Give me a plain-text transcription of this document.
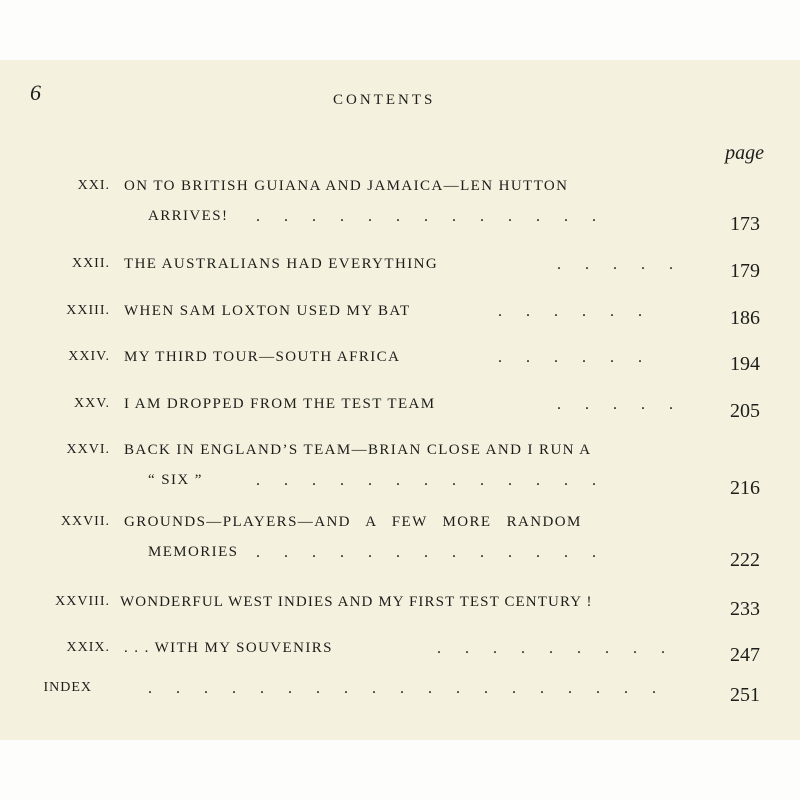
6	CONTENTS
page
XXI. ON TO BRITISH GUIANA AND JAMAICA—LEN HUTTON
ARRIVES! . . . . . . . . . . . . .	173
XXII. THE AUSTRALIANS HAD EVERYTHING	. . . . .	179
XXIII. WHEN SAM LOXTON USED MY BAT	. . . . . .	186
XXIV. MY THIRD TOUR—SOUTH AFRICA	. . . . . .	194
XXV. I AM DROPPED FROM THE TEST TEAM	. . . . .	205
XXVI. BACK IN ENGLAND’S TEAM—BRIAN CLOSE AND I RUN A
“ SIX ”	. . . . . . . . . . . . .	216
XXVII. GROUNDS—PLAYERS—AND A FEW MORE RANDOM
MEMORIES . . . . . . . . . . . . .	222
XXVIII. WONDERFUL WEST INDIES AND MY FIRST TEST CENTURY !	233
XXIX. . . . WITH MY SOUVENIRS	. . . . . . . . .	247
INDEX	. . . . . . . . . . . . . . . . . . .	251
